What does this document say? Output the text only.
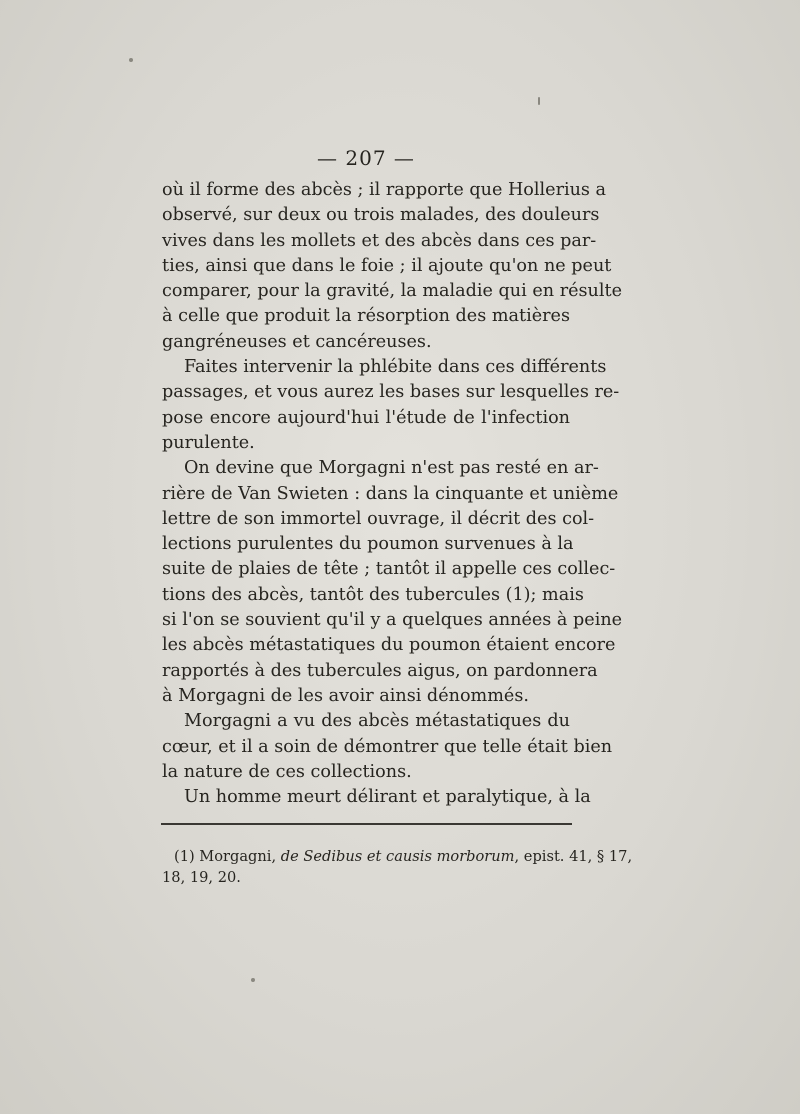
— 207 —
où il forme des abcès ; il rapporte que Hollerius a
observé, sur deux ou trois malades, des douleurs
vives dans les mollets et des abcès dans ces par-
ties, ainsi que dans le foie ; il ajoute qu'on ne peut
comparer, pour la gravité, la maladie qui en résulte
à celle que produit la résorption des matières
gangréneuses et cancéreuses.
Faites intervenir la phlébite dans ces différents
passages, et vous aurez les bases sur lesquelles re-
pose encore aujourd'hui l'étude de l'infection
purulente.
On devine que Morgagni n'est pas resté en ar-
rière de Van Swieten : dans la cinquante et unième
lettre de son immortel ouvrage, il décrit des col-
lections purulentes du poumon survenues à la
suite de plaies de tête ; tantôt il appelle ces collec-
tions des abcès, tantôt des tubercules (1); mais
si l'on se souvient qu'il y a quelques années à peine
les abcès métastatiques du poumon étaient encore
rapportés à des tubercules aigus, on pardonnera
à Morgagni de les avoir ainsi dénommés.
Morgagni a vu des abcès métastatiques du
cœur, et il a soin de démontrer que telle était bien
la nature de ces collections.
Un homme meurt délirant et paralytique, à la
(1) Morgagni, de Sedibus et causis morborum, epist. 41, § 17,
18, 19, 20.
